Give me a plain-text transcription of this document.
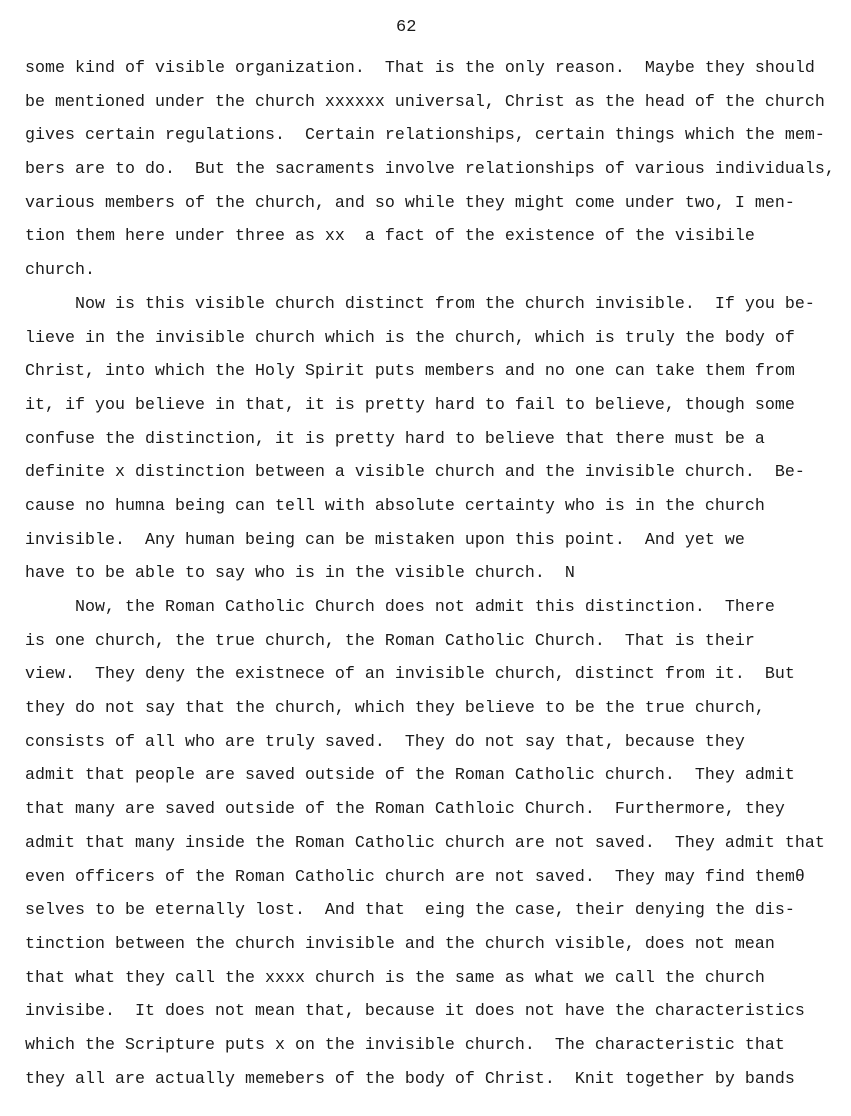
62
some kind of visible organization.  That is the only reason.  Maybe they should
be mentioned under the church xxxxxx universal, Christ as the head of the church
gives certain regulations.  Certain relationships, certain things which the mem-
bers are to do.  But the sacraments involve relationships of various individuals,
various members of the church, and so while they might come under two, I men-
tion them here under three as xx  a fact of the existence of the visibile
church.
Now is this visible church distinct from the church invisible.  If you be-
lieve in the invisible church which is the church, which is truly the body of
Christ, into which the Holy Spirit puts members and no one can take them from
it, if you believe in that, it is pretty hard to fail to believe, though some
confuse the distinction, it is pretty hard to believe that there must be a
definite x distinction between a visible church and the invisible church.  Be-
cause no humna being can tell with absolute certainty who is in the church
invisible.  Any human being can be mistaken upon this point.  And yet we
have to be able to say who is in the visible church.  N
Now, the Roman Catholic Church does not admit this distinction.  There
is one church, the true church, the Roman Catholic Church.  That is their
view.  They deny the existnece of an invisible church, distinct from it.  But
they do not say that the church, which they believe to be the true church,
consists of all who are truly saved.  They do not say that, because they
admit that people are saved outside of the Roman Catholic church.  They admit
that many are saved outside of the Roman Cathloic Church.  Furthermore, they
admit that many inside the Roman Catholic church are not saved.  They admit that
even officers of the Roman Catholic church are not saved.  They may find themθ
selves to be eternally lost.  And that  eing the case, their denying the dis-
tinction between the church invisible and the church visible, does not mean
that what they call the xxxx church is the same as what we call the church
invisibe.  It does not mean that, because it does not have the characteristics
which the Scripture puts x on the invisible church.  The characteristic that
they all are actually memebers of the body of Christ.  Knit together by bands
